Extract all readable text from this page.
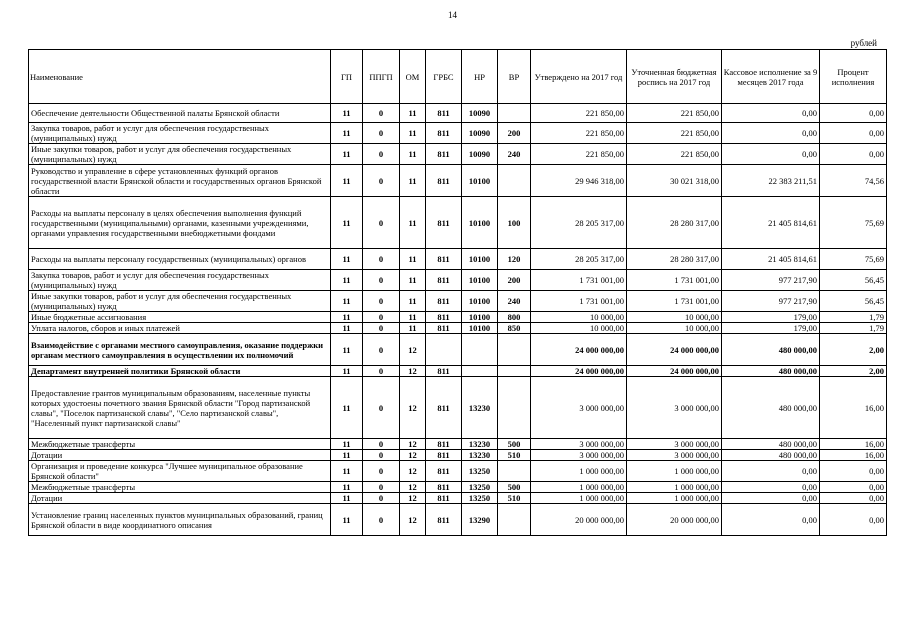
14
рублей
Наименование	ГП	ППГП	ОМ	ГРБС	НР	ВР	Утверждено на 2017 год	Уточненная бюджетная роспись на 2017 год	Кассовое исполнение за 9 месяцев 2017 года	Процент исполнения
Обеспечение деятельности Общественной палаты Брянской области	11	0	11	811	10090		221 850,00	221 850,00	0,00	0,00
Закупка товаров, работ и услуг для обеспечения государственных (муниципальных) нужд	11	0	11	811	10090	200	221 850,00	221 850,00	0,00	0,00
Иные закупки товаров, работ и услуг для обеспечения государственных (муниципальных) нужд	11	0	11	811	10090	240	221 850,00	221 850,00	0,00	0,00
Руководство и управление в сфере установленных функций органов государственной власти Брянской области и государственных органов Брянской области	11	0	11	811	10100		29 946 318,00	30 021 318,00	22 383 211,51	74,56
Расходы на выплаты персоналу в целях обеспечения выполнения функций государственными (муниципальными) органами, казенными учреждениями, органами управления государственными внебюджетными фондами	11	0	11	811	10100	100	28 205 317,00	28 280 317,00	21 405 814,61	75,69
Расходы на выплаты персоналу государственных (муниципальных) органов	11	0	11	811	10100	120	28 205 317,00	28 280 317,00	21 405 814,61	75,69
Закупка товаров, работ и услуг для обеспечения государственных (муниципальных) нужд	11	0	11	811	10100	200	1 731 001,00	1 731 001,00	977 217,90	56,45
Иные закупки товаров, работ и услуг для обеспечения государственных (муниципальных) нужд	11	0	11	811	10100	240	1 731 001,00	1 731 001,00	977 217,90	56,45
Иные бюджетные ассигнования	11	0	11	811	10100	800	10 000,00	10 000,00	179,00	1,79
Уплата налогов, сборов и иных платежей	11	0	11	811	10100	850	10 000,00	10 000,00	179,00	1,79
Взаимодействие с органами местного самоуправления, оказание поддержки органам местного самоуправления в осуществлении их полномочий	11	0	12				24 000 000,00	24 000 000,00	480 000,00	2,00
Департамент внутренней политики Брянской области	11	0	12	811			24 000 000,00	24 000 000,00	480 000,00	2,00
Предоставление грантов муниципальным образованиям, населенные пункты которых удостоены почетного звания Брянской области "Город партизанской славы", "Поселок партизанской славы", "Село партизанской славы", "Населенный пункт партизанской славы"	11	0	12	811	13230		3 000 000,00	3 000 000,00	480 000,00	16,00
Межбюджетные трансферты	11	0	12	811	13230	500	3 000 000,00	3 000 000,00	480 000,00	16,00
Дотации	11	0	12	811	13230	510	3 000 000,00	3 000 000,00	480 000,00	16,00
Организация и проведение конкурса "Лучшее муниципальное образование Брянской области"	11	0	12	811	13250		1 000 000,00	1 000 000,00	0,00	0,00
Межбюджетные трансферты	11	0	12	811	13250	500	1 000 000,00	1 000 000,00	0,00	0,00
Дотации	11	0	12	811	13250	510	1 000 000,00	1 000 000,00	0,00	0,00
Установление границ населенных пунктов муниципальных образований, границ Брянской области в виде координатного описания	11	0	12	811	13290		20 000 000,00	20 000 000,00	0,00	0,00
